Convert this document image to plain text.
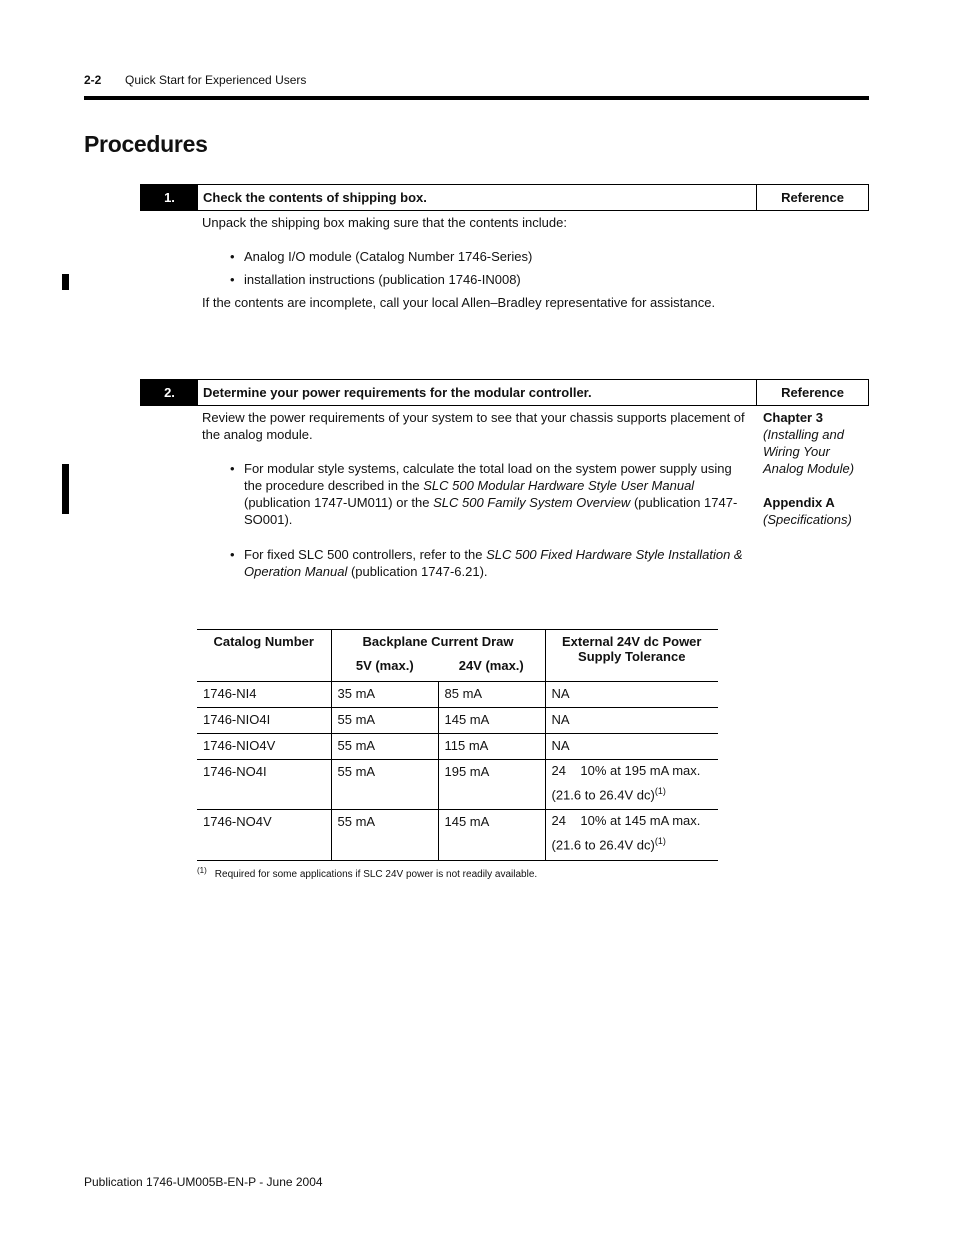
2-2 Quick Start for Experienced Users
Procedures
1.	Check the contents of shipping box.	Reference
Unpack the shipping box making sure that the contents include:
• Analog I/O module (Catalog Number 1746-Series)
• installation instructions (publication 1746-IN008)
If the contents are incomplete, call your local Allen–Bradley representative for assistance.
2.	Determine your power requirements for the modular controller.	Reference
Review the power requirements of your system to see that your chassis supports placement of the analog module.
• For modular style systems, calculate the total load on the system power supply using the procedure described in the SLC 500 Modular Hardware Style User Manual (publication 1747-UM011) or the SLC 500 Family System Overview (publication 1747-SO001).
• For fixed SLC 500 controllers, refer to the SLC 500 Fixed Hardware Style Installation & Operation Manual (publication 1747-6.21).
Chapter 3
(Installing and Wiring Your Analog Module)
Appendix A
(Specifications)
Catalog Number	Backplane Current Draw		External 24V dc Power Supply Tolerance
	5V (max.)	24V (max.)	
1746-NI4	35 mA	85 mA	NA
1746-NIO4I	55 mA	145 mA	NA
1746-NIO4V	55 mA	115 mA	NA
1746-NO4I	55 mA	195 mA	24    10% at 195 mA max.
(21.6 to 26.4V dc)$^{(1)}$
1746-NO4V	55 mA	145 mA	24    10% at 145 mA max.
(21.6 to 26.4V dc)$^{(1)}$
$^{(1)}$ Required for some applications if SLC 24V power is not readily available.
Publication 1746-UM005B-EN-P - June 2004
